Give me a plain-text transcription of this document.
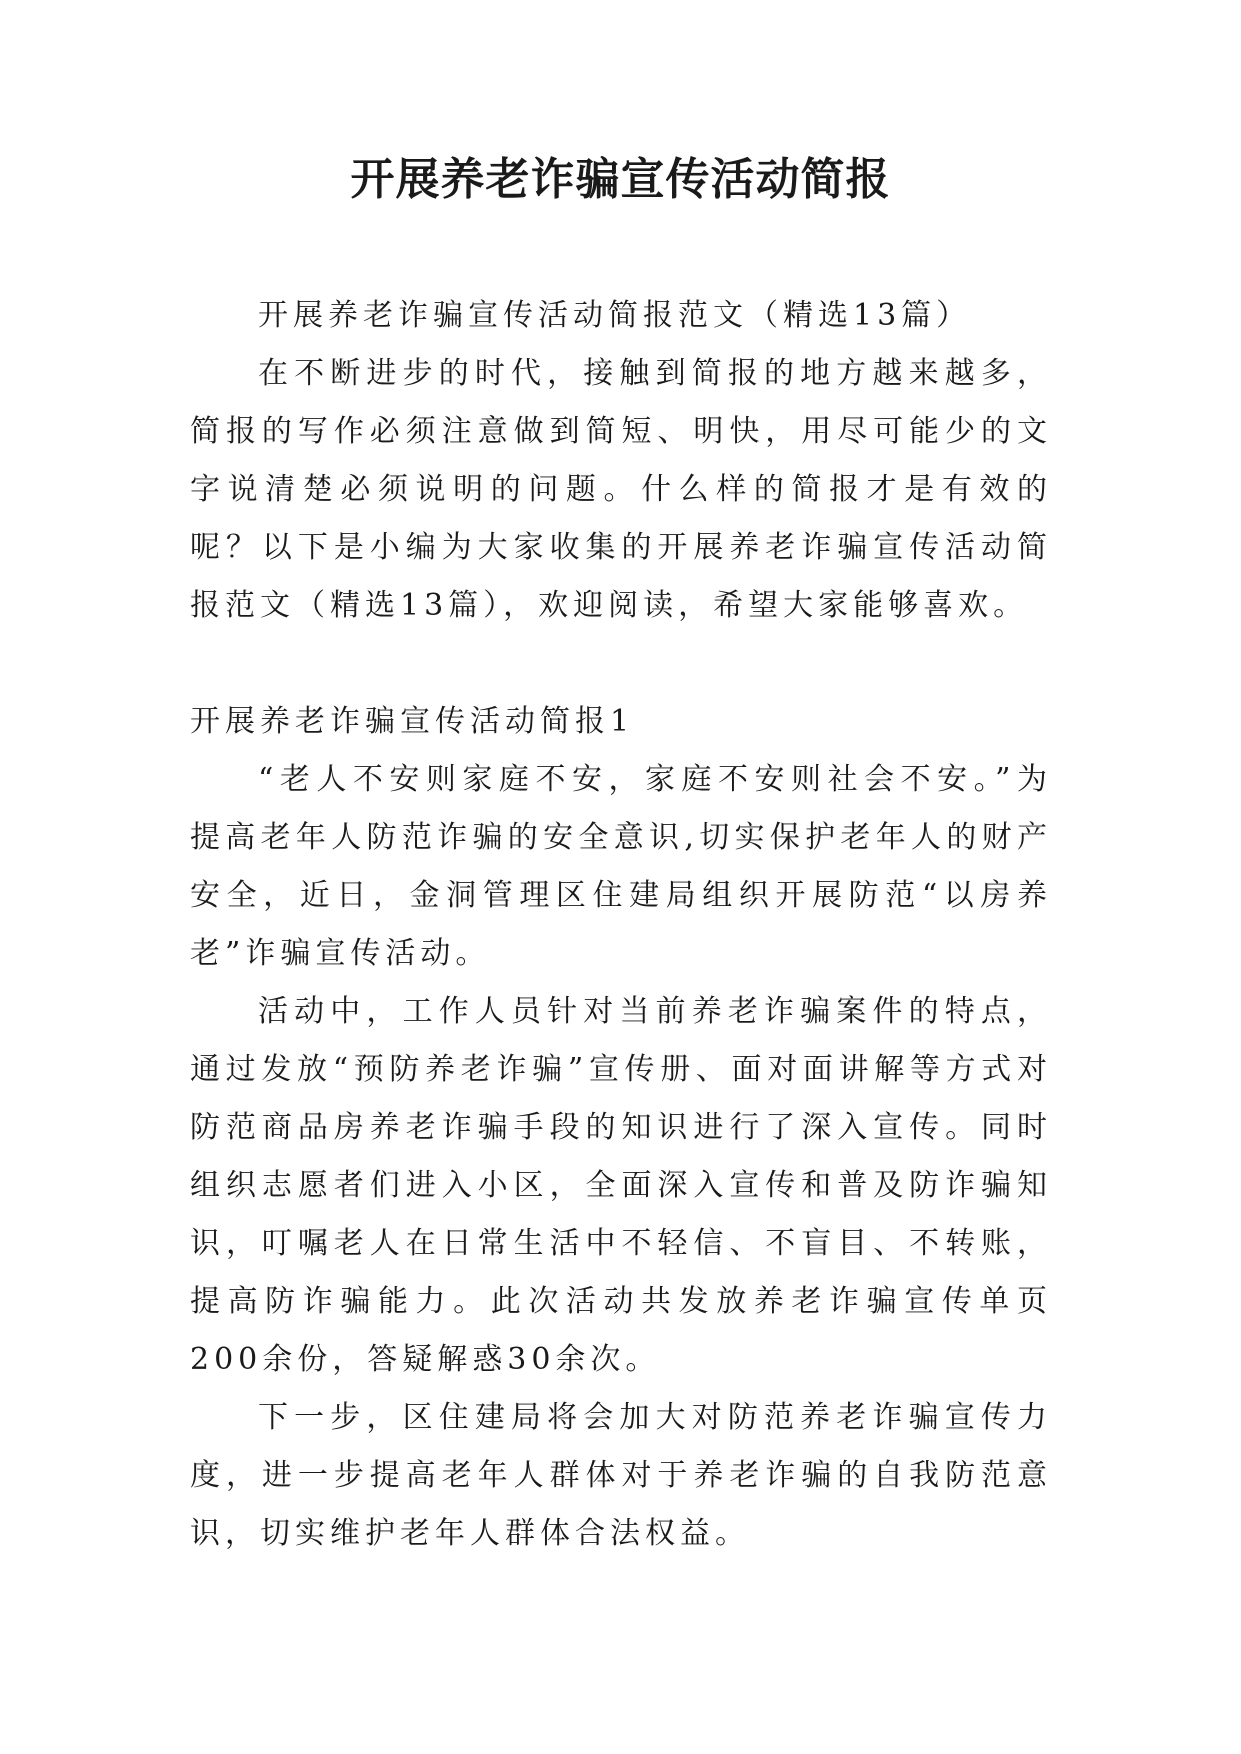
开展养老诈骗宣传活动简报

开展养老诈骗宣传活动简报范文（精选13篇）

在不断进步的时代，接触到简报的地方越来越多，简报的写作必须注意做到简短、明快，用尽可能少的文字说清楚必须说明的问题。什么样的简报才是有效的呢？以下是小编为大家收集的开展养老诈骗宣传活动简报范文（精选13篇），欢迎阅读，希望大家能够喜欢。

开展养老诈骗宣传活动简报1

“老人不安则家庭不安，家庭不安则社会不安。”为提高老年人防范诈骗的安全意识,切实保护老年人的财产安全，近日，金洞管理区住建局组织开展防范“以房养老”诈骗宣传活动。

活动中，工作人员针对当前养老诈骗案件的特点，通过发放“预防养老诈骗”宣传册、面对面讲解等方式对防范商品房养老诈骗手段的知识进行了深入宣传。同时组织志愿者们进入小区，全面深入宣传和普及防诈骗知识，叮嘱老人在日常生活中不轻信、不盲目、不转账，提高防诈骗能力。此次活动共发放养老诈骗宣传单页200余份，答疑解惑30余次。

下一步，区住建局将会加大对防范养老诈骗宣传力度，进一步提高老年人群体对于养老诈骗的自我防范意识，切实维护老年人群体合法权益。
